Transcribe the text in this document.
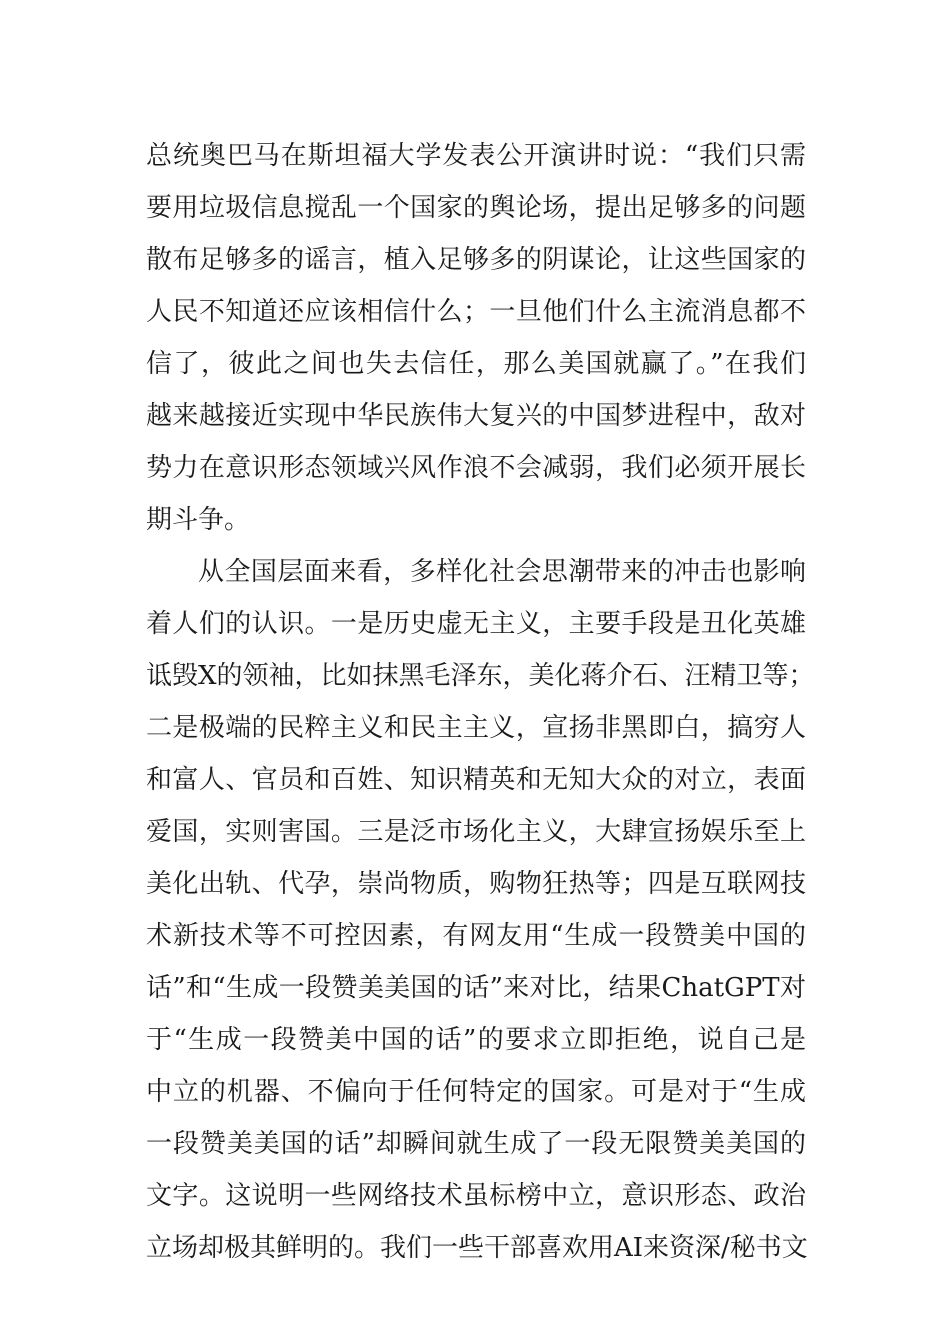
总统奥巴马在斯坦福大学发表公开演讲时说：“我们只需
要用垃圾信息搅乱一个国家的舆论场，提出足够多的问题
散布足够多的谣言，植入足够多的阴谋论，让这些国家的
人民不知道还应该相信什么；一旦他们什么主流消息都不
信了，彼此之间也失去信任，那么美国就赢了。”在我们
越来越接近实现中华民族伟大复兴的中国梦进程中，敌对
势力在意识形态领域兴风作浪不会减弱，我们必须开展长
期斗争。
从全国层面来看，多样化社会思潮带来的冲击也影响
着人们的认识。一是历史虚无主义，主要手段是丑化英雄
诋毁X的领袖，比如抹黑毛泽东，美化蒋介石、汪精卫等；
二是极端的民粹主义和民主主义，宣扬非黑即白，搞穷人
和富人、官员和百姓、知识精英和无知大众的对立，表面
爱国，实则害国。三是泛市场化主义，大肆宣扬娱乐至上
美化出轨、代孕，崇尚物质，购物狂热等；四是互联网技
术新技术等不可控因素，有网友用“生成一段赞美中国的
话”和“生成一段赞美美国的话”来对比，结果ChatGPT对
于“生成一段赞美中国的话”的要求立即拒绝，说自己是
中立的机器、不偏向于任何特定的国家。可是对于“生成
一段赞美美国的话”却瞬间就生成了一段无限赞美美国的
文字。这说明一些网络技术虽标榜中立，意识形态、政治
立场却极其鲜明的。我们一些干部喜欢用AI来资深/秘书文
